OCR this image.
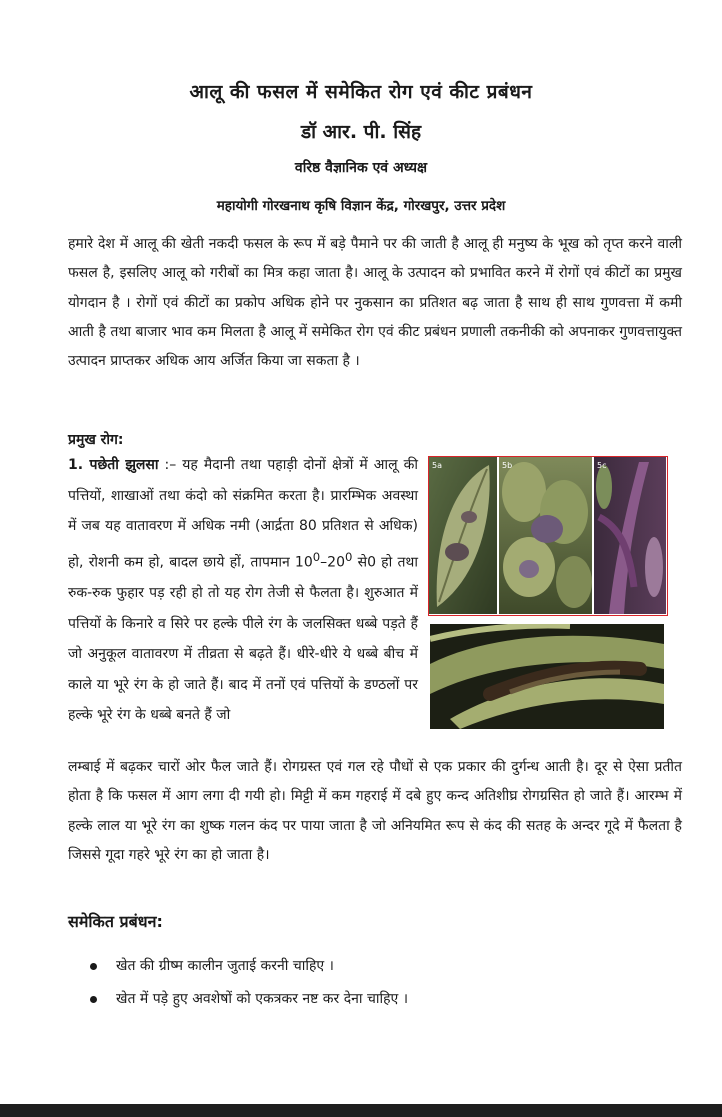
आलू की फसल में समेकित रोग एवं कीट प्रबंधन
डॉ आर. पी. सिंह
वरिष्ठ वैज्ञानिक एवं अध्यक्ष
महायोगी गोरखनाथ कृषि विज्ञान केंद्र, गोरखपुर, उत्तर प्रदेश
हमारे देश में आलू की खेती नकदी फसल के रूप में बड़े पैमाने पर की जाती है आलू ही मनुष्य के भूख को तृप्त करने वाली फसल है, इसलिए आलू को गरीबों का मित्र कहा जाता है। आलू के उत्पादन को प्रभावित करने में रोगों एवं कीटों का प्रमुख योगदान है । रोगों एवं कीटों का प्रकोप अधिक होने पर नुकसान का प्रतिशत बढ़ जाता है साथ ही साथ गुणवत्ता में कमी आती है तथा बाजार भाव कम मिलता है आलू में समेकित रोग एवं कीट प्रबंधन प्रणाली तकनीकी को अपनाकर गुणवत्तायुक्त उत्पादन प्राप्तकर अधिक आय अर्जित किया जा सकता है ।
प्रमुख रोग:
1. पछेती झुलसा :– यह मैदानी तथा पहाड़ी दोनों क्षेत्रों में आलू की पत्तियों, शाखाओं तथा कंदो को संक्रमित करता है। प्रारम्भिक अवस्था में जब यह वातावरण में अधिक नमी (आर्द्रता 80 प्रतिशत से अधिक) हो, रोशनी कम हो, बादल छाये हों, तापमान $10^0-20^0$ से0 हो तथा रुक-रुक फुहार पड़ रही हो तो यह रोग तेजी से फैलता है। शुरुआत में पत्तियों के किनारे व सिरे पर हल्के पीले रंग के जलसिक्त धब्बे पड़ते हैं जो अनुकूल वातावरण में तीव्रता से बढ़ते हैं। धीरे-धीरे ये धब्बे बीच में काले या भूरे रंग के हो जाते हैं। बाद में तनों एवं पत्तियों के डण्ठलों पर हल्के भूरे रंग के धब्बे बनते हैं जो
5a	5b	5c
लम्बाई में बढ़कर चारों ओर फैल जाते हैं। रोगग्रस्त एवं गल रहे पौधों से एक प्रकार की दुर्गन्ध आती है। दूर से ऐसा प्रतीत होता है कि फसल में आग लगा दी गयी हो। मिट्टी में कम गहराई में दबे हुए कन्द अतिशीघ्र रोगग्रसित हो जाते हैं। आरम्भ में हल्के लाल या भूरे रंग का शुष्क गलन कंद पर पाया जाता है जो अनियमित रूप से कंद की सतह के अन्दर गूदे में फैलता है जिससे गूदा गहरे भूरे रंग का हो जाता है।
समेकित प्रबंधन:
खेत की ग्रीष्म कालीन जुताई करनी चाहिए ।
खेत में पड़े हुए अवशेषों को एकत्रकर नष्ट कर देना चाहिए ।
